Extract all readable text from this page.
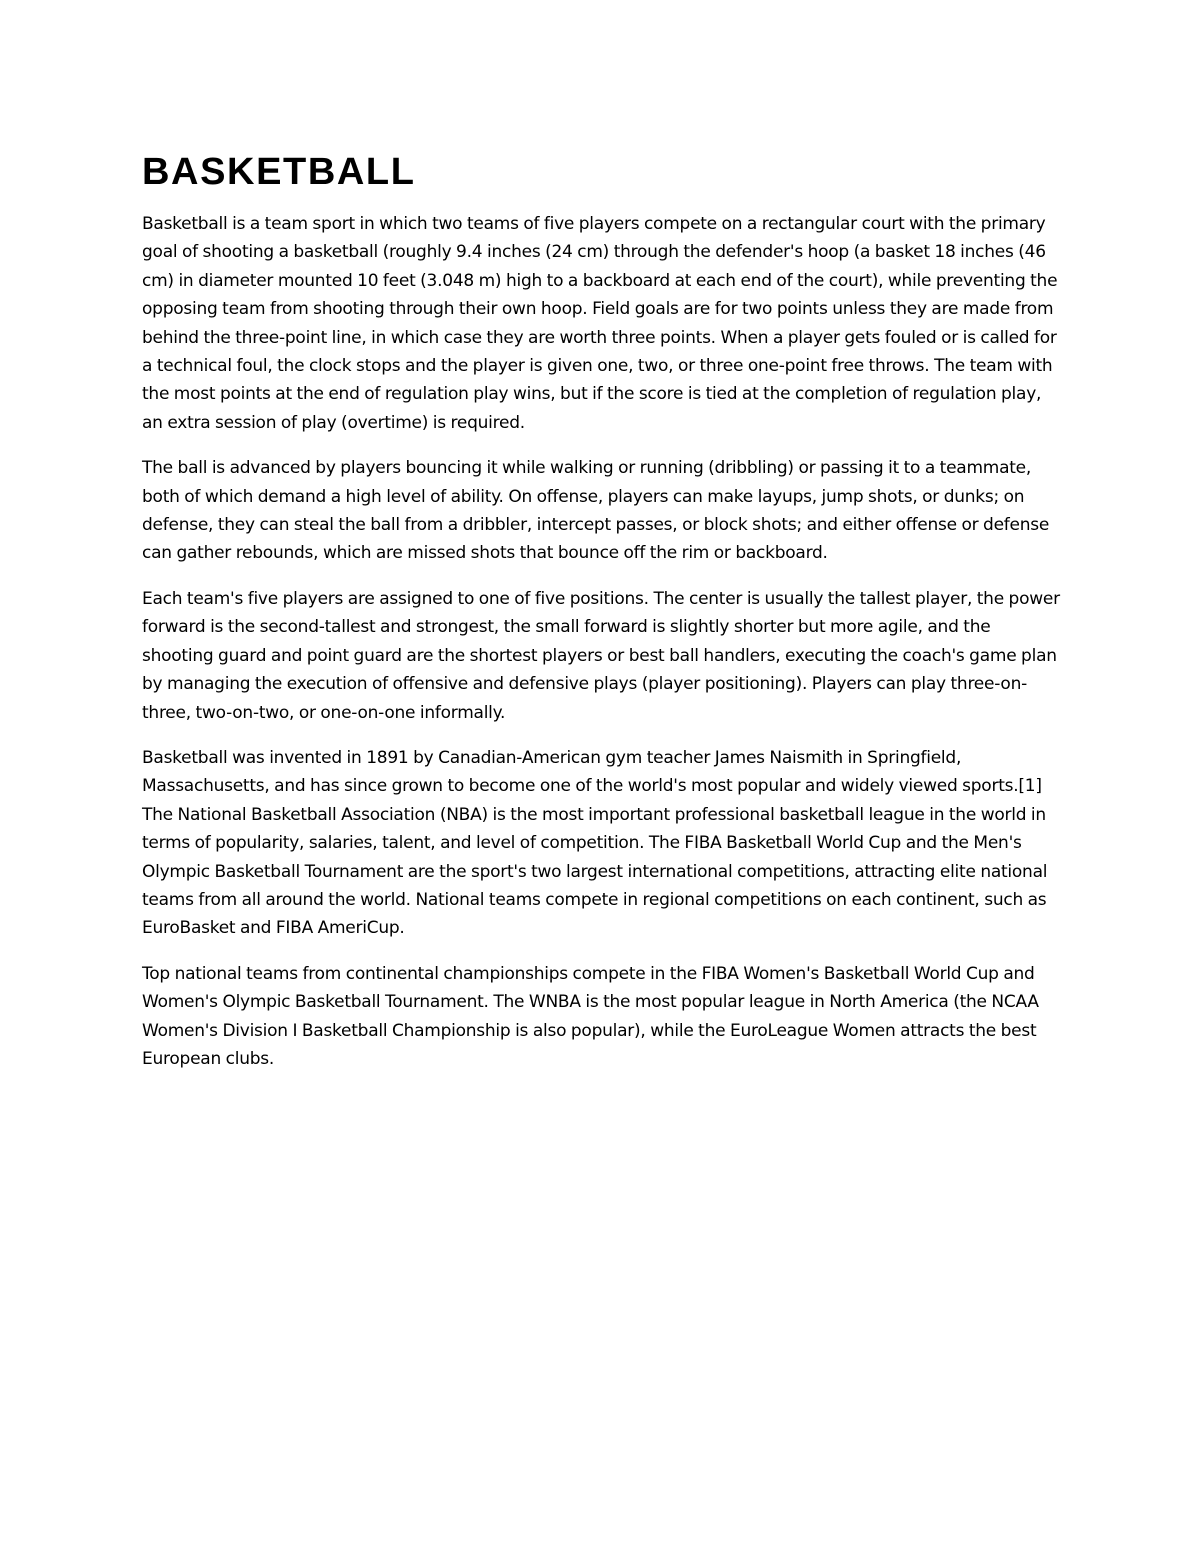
BASKETBALL

Basketball is a team sport in which two teams of five players compete on a rectangular court with the primary goal of shooting a basketball (roughly 9.4 inches (24 cm) through the defender's hoop (a basket 18 inches (46 cm) in diameter mounted 10 feet (3.048 m) high to a backboard at each end of the court), while preventing the opposing team from shooting through their own hoop. Field goals are for two points unless they are made from behind the three-point line, in which case they are worth three points. When a player gets fouled or is called for a technical foul, the clock stops and the player is given one, two, or three one-point free throws. The team with the most points at the end of regulation play wins, but if the score is tied at the completion of regulation play, an extra session of play (overtime) is required.

The ball is advanced by players bouncing it while walking or running (dribbling) or passing it to a teammate, both of which demand a high level of ability. On offense, players can make layups, jump shots, or dunks; on defense, they can steal the ball from a dribbler, intercept passes, or block shots; and either offense or defense can gather rebounds, which are missed shots that bounce off the rim or backboard.

Each team's five players are assigned to one of five positions. The center is usually the tallest player, the power forward is the second-tallest and strongest, the small forward is slightly shorter but more agile, and the shooting guard and point guard are the shortest players or best ball handlers, executing the coach's game plan by managing the execution of offensive and defensive plays (player positioning). Players can play three-on-three, two-on-two, or one-on-one informally.

Basketball was invented in 1891 by Canadian-American gym teacher James Naismith in Springfield, Massachusetts, and has since grown to become one of the world's most popular and widely viewed sports.[1] The National Basketball Association (NBA) is the most important professional basketball league in the world in terms of popularity, salaries, talent, and level of competition. The FIBA Basketball World Cup and the Men's Olympic Basketball Tournament are the sport's two largest international competitions, attracting elite national teams from all around the world. National teams compete in regional competitions on each continent, such as EuroBasket and FIBA AmeriCup.

Top national teams from continental championships compete in the FIBA Women's Basketball World Cup and Women's Olympic Basketball Tournament. The WNBA is the most popular league in North America (the NCAA Women's Division I Basketball Championship is also popular), while the EuroLeague Women attracts the best European clubs.
